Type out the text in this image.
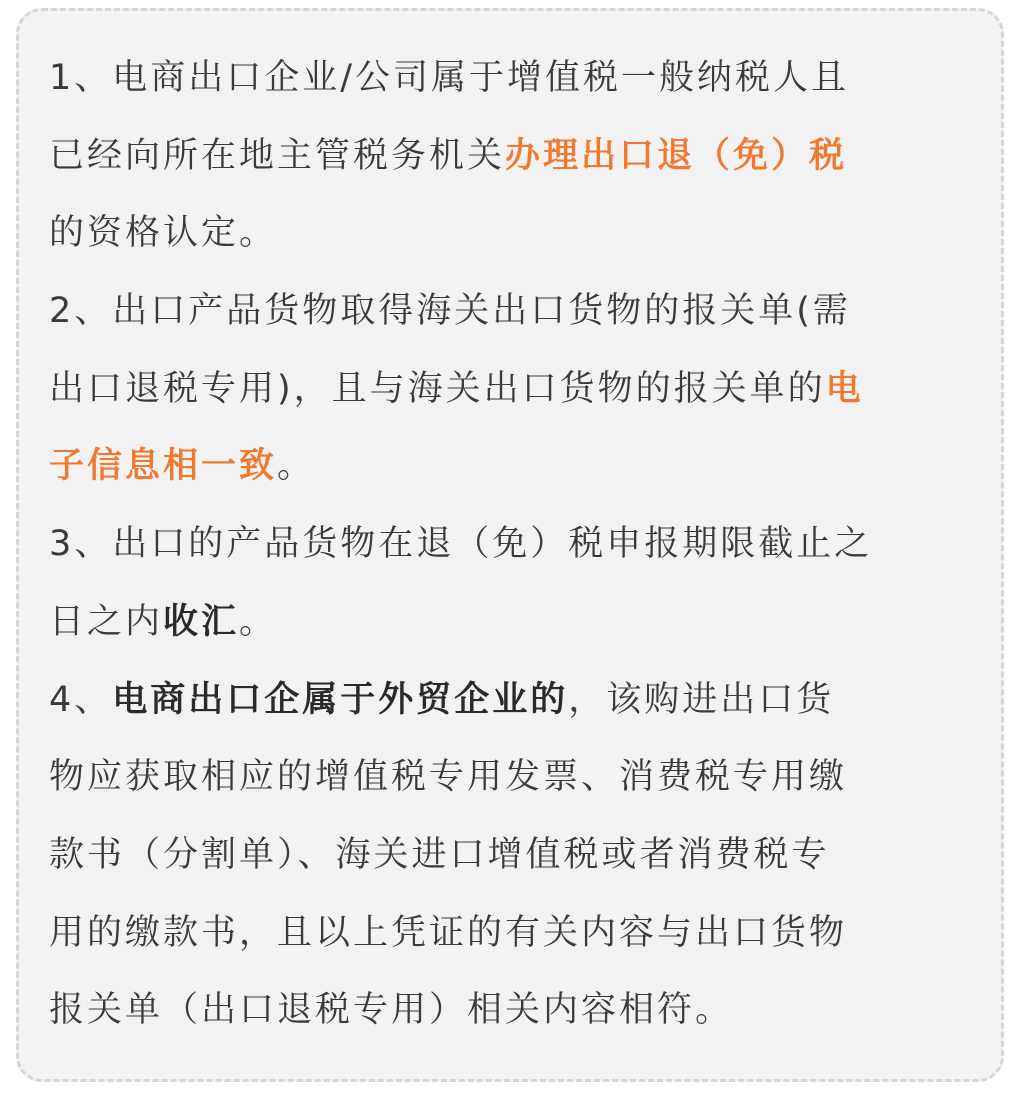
1、电商出口企业/公司属于增值税一般纳税人且
已经向所在地主管税务机关办理出口退（免）税
的资格认定。
2、出口产品货物取得海关出口货物的报关单(需
出口退税专用)，且与海关出口货物的报关单的电
子信息相一致。
3、出口的产品货物在退（免）税申报期限截止之
日之内收汇。
4、电商出口企属于外贸企业的，该购进出口货
物应获取相应的增值税专用发票、消费税专用缴
款书（分割单）、海关进口增值税或者消费税专
用的缴款书，且以上凭证的有关内容与出口货物
报关单（出口退税专用）相关内容相符。
